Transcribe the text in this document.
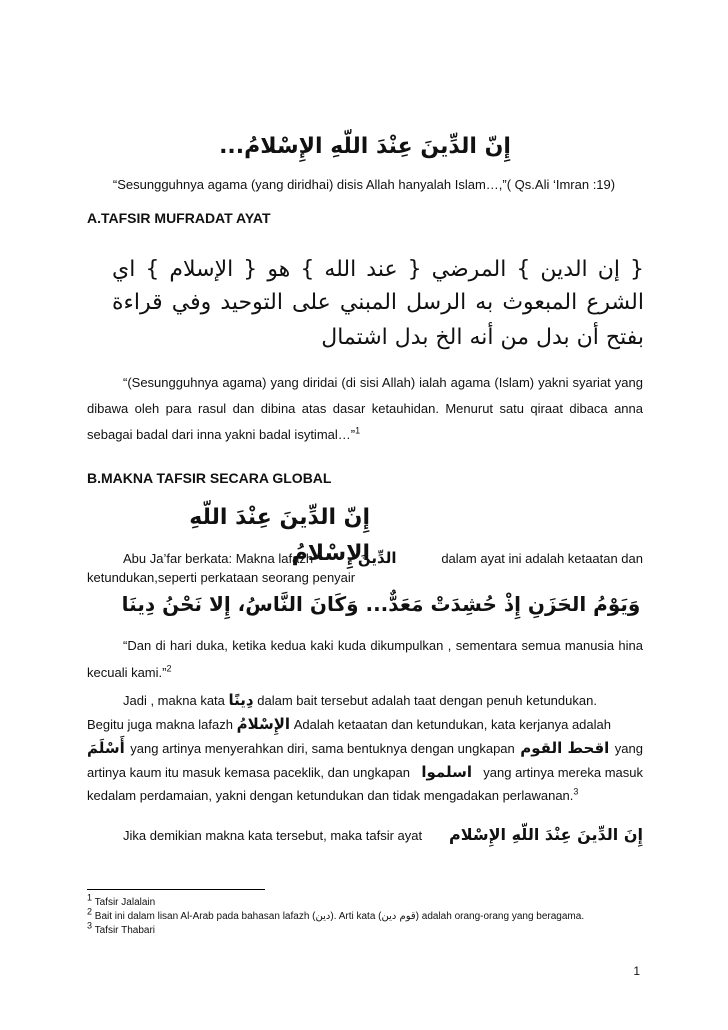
إِنّ الدِّينَ عِنْدَ اللّهِ الإِسْلامُ...
“Sesungguhnya agama (yang diridhai) disis Allah hanyalah Islam…,”( Qs.Ali ‘Imran :19)
A.TAFSIR MUFRADAT AYAT
{ إن الدين } المرضي { عند الله } هو { الإسلام } اي
الشرع المبعوث به الرسل المبني على التوحيد وفي قراءة
بفتح أن بدل من أنه الخ بدل اشتمال
“(Sesungguhnya agama) yang diridai (di sisi Allah) ialah agama (Islam) yakni syariat yang dibawa oleh para rasul dan dibina atas dasar ketauhidan. Menurut satu qiraat dibaca anna sebagai badal dari inna yakni badal isytimal…”$^1$
B.MAKNA TAFSIR SECARA GLOBAL
إِنّ الدِّينَ عِنْدَ اللّهِ الإِسْلامُ
Abu Ja’far berkata: Makna lafazh	الدِّينَ	dalam ayat ini adalah ketaatan dan
ketundukan,seperti perkataan seorang penyair
وَيَوْمُ الحَزَنِ إِذْ حُشِدَتْ مَعَدٌّ... وَكَانَ النَّاسُ، إِلا نَحْنُ دِينَا
“Dan di hari duka, ketika kedua kaki kuda dikumpulkan , sementara semua manusia hina kecuali kami.”$^2$
Jadi , makna kata دِينًا dalam bait tersebut adalah taat dengan penuh ketundukan.
Begitu juga makna lafazh الإِسْلامُ Adalah ketaatan dan ketundukan, kata kerjanya adalah
أَسْلَمَ yang artinya menyerahkan diri, sama bentuknya dengan ungkapan اقحط القوم yang
artinya kaum itu masuk kemasa paceklik, dan ungkapan اسلموا yang artinya mereka masuk
kedalam perdamaian, yakni dengan ketundukan dan tidak mengadakan perlawanan.$^3$
Jika demikian makna kata tersebut, maka tafsir ayat إِنَ الدِّينَ عِنْدَ اللّهِ الإِسْلام
$^1$ Tafsir Jalalain
$^2$ Bait ini dalam lisan Al-Arab pada bahasan lafazh (دين). Arti kata (قوم دين) adalah orang-orang yang beragama.
$^3$ Tafsir Thabari
1
